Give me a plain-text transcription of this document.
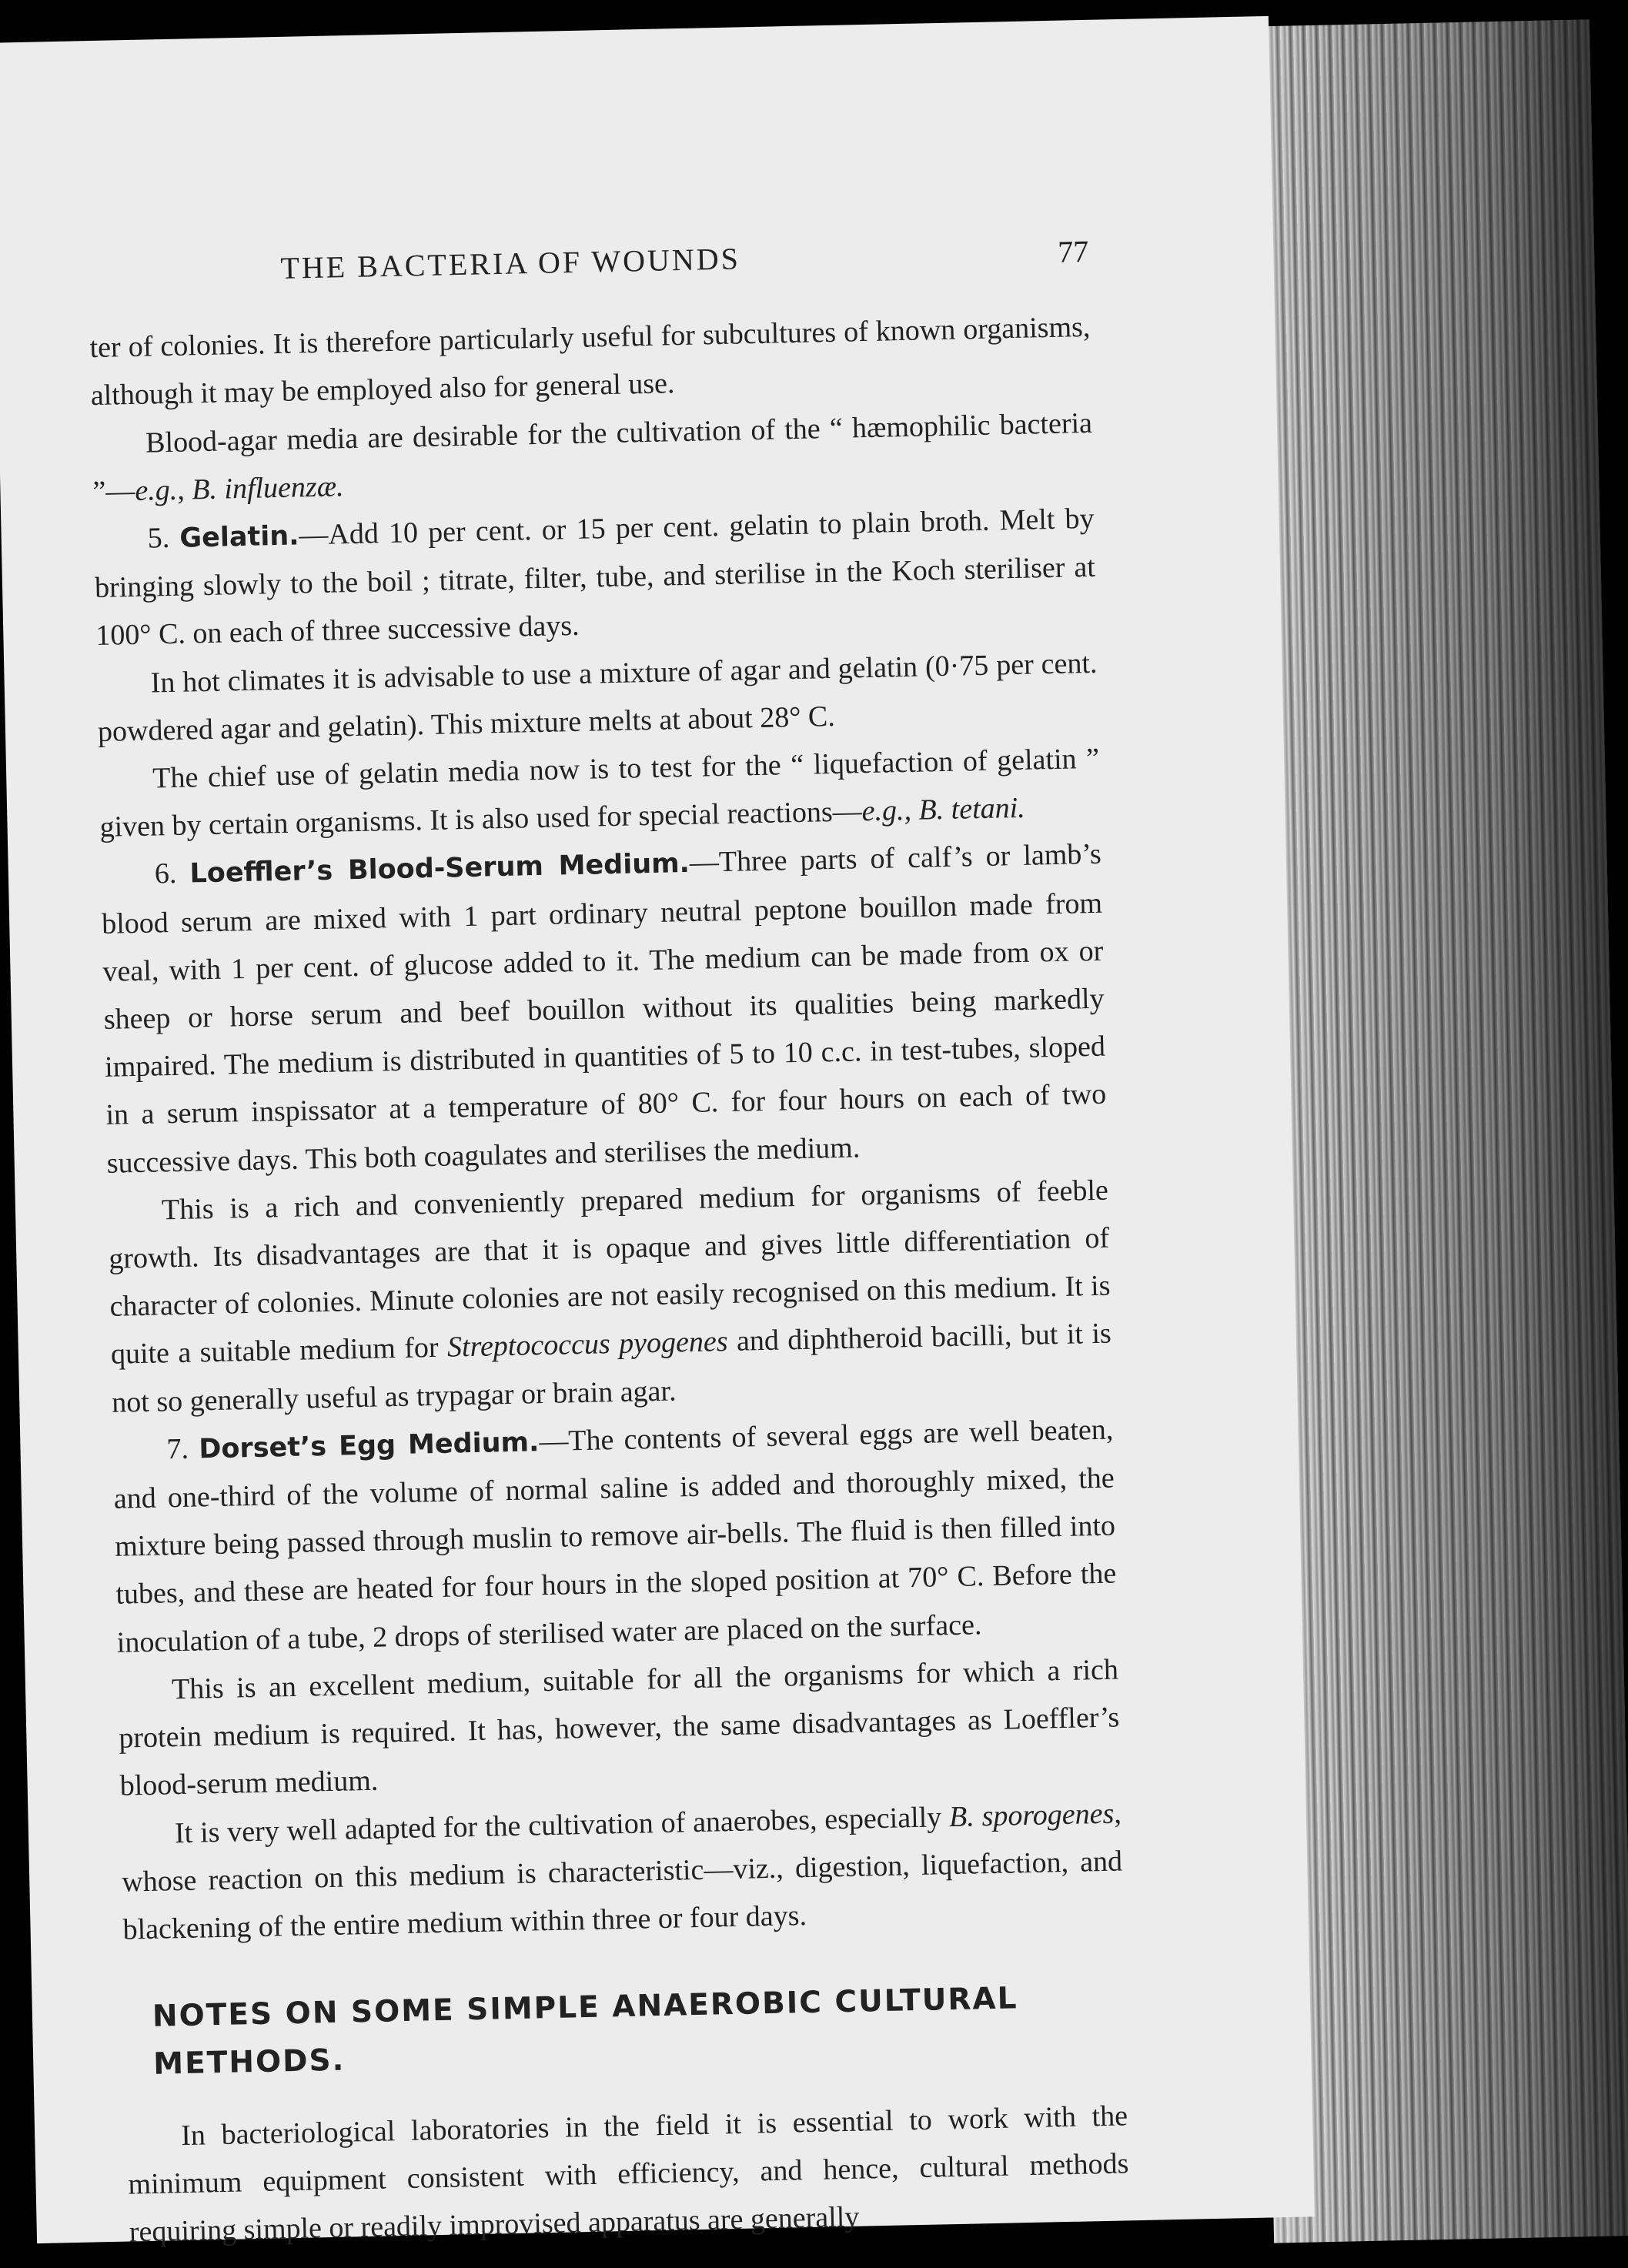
THE BACTERIA OF WOUNDS	77

ter of colonies. It is therefore particularly useful for subcultures of known organisms, although it may be employed also for general use.

Blood-agar media are desirable for the cultivation of the “ hæmophilic bacteria ”—e.g., B. influenzæ.

5. Gelatin.—Add 10 per cent. or 15 per cent. gelatin to plain broth. Melt by bringing slowly to the boil ; titrate, filter, tube, and sterilise in the Koch steriliser at 100° C. on each of three successive days.

In hot climates it is advisable to use a mixture of agar and gelatin (0·75 per cent. powdered agar and gelatin). This mixture melts at about 28° C.

The chief use of gelatin media now is to test for the “ liquefaction of gelatin ” given by certain organisms. It is also used for special reactions—e.g., B. tetani.

6. Loeffler’s Blood-Serum Medium.—Three parts of calf’s or lamb’s blood serum are mixed with 1 part ordinary neutral peptone bouillon made from veal, with 1 per cent. of glucose added to it. The medium can be made from ox or sheep or horse serum and beef bouillon without its qualities being markedly impaired. The medium is distributed in quantities of 5 to 10 c.c. in test-tubes, sloped in a serum inspissator at a temperature of 80° C. for four hours on each of two successive days. This both coagulates and sterilises the medium.

This is a rich and conveniently prepared medium for organisms of feeble growth. Its disadvantages are that it is opaque and gives little differentiation of character of colonies. Minute colonies are not easily recognised on this medium. It is quite a suitable medium for Streptococcus pyogenes and diphtheroid bacilli, but it is not so generally useful as trypagar or brain agar.

7. Dorset’s Egg Medium.—The contents of several eggs are well beaten, and one-third of the volume of normal saline is added and thoroughly mixed, the mixture being passed through muslin to remove air-bells. The fluid is then filled into tubes, and these are heated for four hours in the sloped position at 70° C. Before the inoculation of a tube, 2 drops of sterilised water are placed on the surface.

This is an excellent medium, suitable for all the organisms for which a rich protein medium is required. It has, however, the same disadvantages as Loeffler’s blood-serum medium.

It is very well adapted for the cultivation of anaerobes, especially B. sporogenes, whose reaction on this medium is characteristic—viz., digestion, liquefaction, and blackening of the entire medium within three or four days.

NOTES ON SOME SIMPLE ANAEROBIC CULTURAL METHODS.

In bacteriological laboratories in the field it is essential to work with the minimum equipment consistent with efficiency, and hence, cultural methods requiring simple or readily improvised apparatus are generally
